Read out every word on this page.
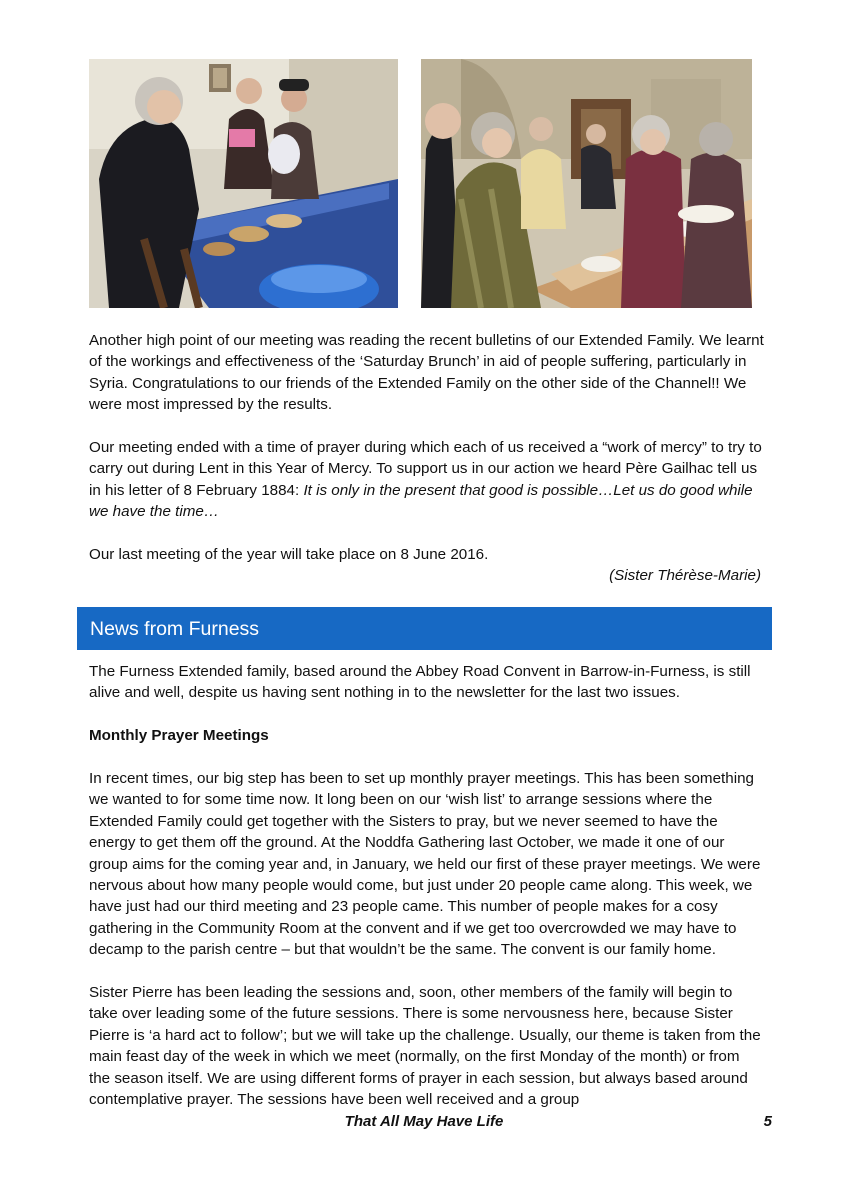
Another high point of our meeting was reading the recent bulletins of our Extended Family. We learnt of the workings and effectiveness of the ‘Saturday Brunch’ in aid of people suffering, particularly in Syria. Congratulations to our friends of the Extended Family on the other side of the Channel!! We were most impressed by the results.

Our meeting ended with a time of prayer during which each of us received a “work of mercy” to try to carry out during Lent in this Year of Mercy. To support us in our action we heard Père Gailhac tell us in his letter of 8 February 1884: It is only in the present that good is possible…Let us do good while we have the time…

Our last meeting of the year will take place on 8 June 2016.

(Sister Thérèse-Marie)

News from Furness

The Furness Extended family, based around the Abbey Road Convent in Barrow-in-Furness, is still alive and well, despite us having sent nothing in to the newsletter for the last two issues.

Monthly Prayer Meetings

In recent times, our big step has been to set up monthly prayer meetings. This has been something we wanted to for some time now. It long been on our ‘wish list’ to arrange sessions where the Extended Family could get together with the Sisters to pray, but we never seemed to have the energy to get them off the ground. At the Noddfa Gathering last October, we made it one of our group aims for the coming year and, in January, we held our first of these prayer meetings. We were nervous about how many people would come, but just under 20 people came along. This week, we have just had our third meeting and 23 people came. This number of people makes for a cosy gathering in the Community Room at the convent and if we get too overcrowded we may have to decamp to the parish centre – but that wouldn’t be the same. The convent is our family home.

Sister Pierre has been leading the sessions and, soon, other members of the family will begin to take over leading some of the future sessions. There is some nervousness here, because Sister Pierre is ‘a hard act to follow’; but we will take up the challenge. Usually, our theme is taken from the main feast day of the week in which we meet (normally, on the first Monday of the month) or from the season itself. We are using different forms of prayer in each session, but always based around contemplative prayer. The sessions have been well received and a group

That All May Have Life	5
